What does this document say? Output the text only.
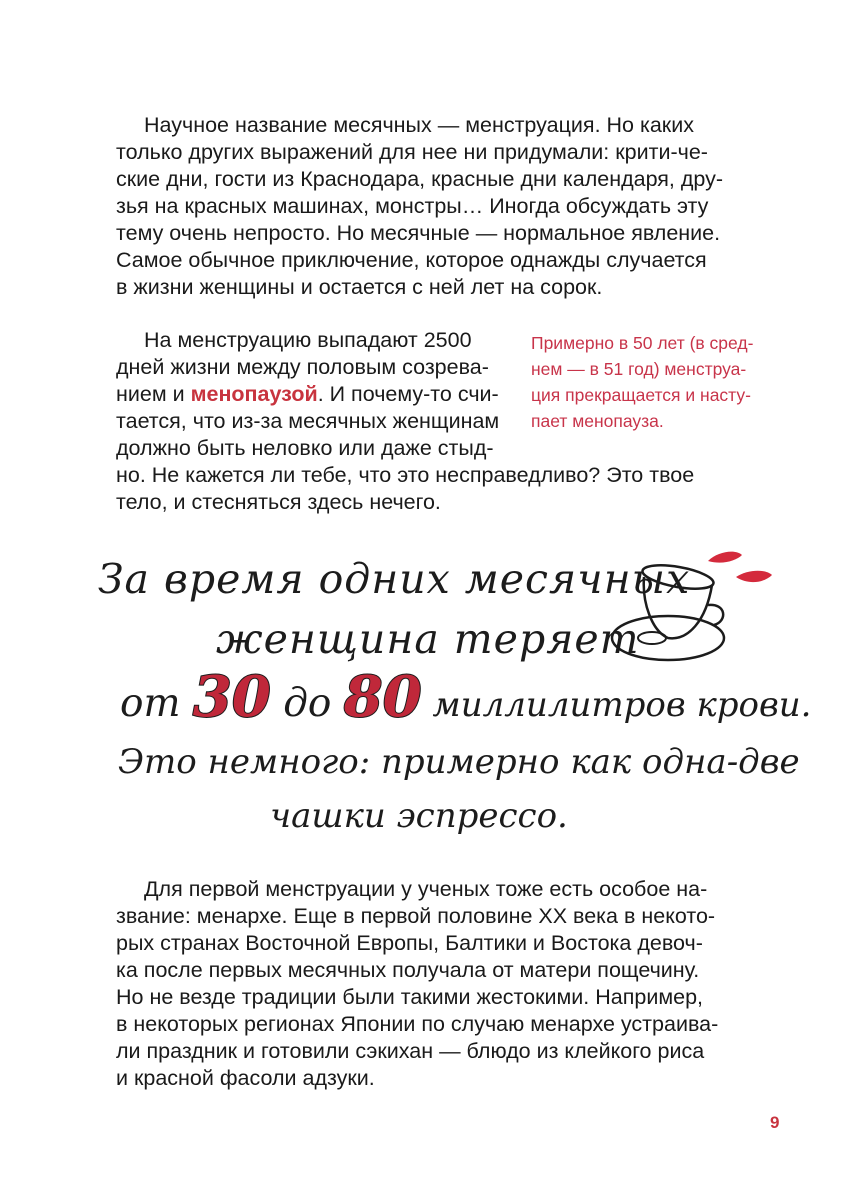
Научное название месячных — менструация. Но каких

только других выражений для нее ни придумали: крити-че-

ские дни, гости из Краснодара, красные дни календаря, дру-

зья на красных машинах, монстры… Иногда обсуждать эту

тему очень непросто. Но месячные — нормальное явление.

Самое обычное приключение, которое однажды случается

в жизни женщины и остается с ней лет на сорок.

На менструацию выпадают 2500

дней жизни между половым созрева-

нием и менопаузой. И почему-то счи-

тается, что из-за месячных женщинам

должно быть неловко или даже стыд-

но. Не кажется ли тебе, что это несправедливо? Это твое

тело, и стесняться здесь нечего.

Примерно в 50 лет (в сред-

нем — в 51 год) менструа-

ция прекращается и насту-

пает менопауза.

За время одних месячных

женщина теряет

от 30 до 80 миллилитров крови.

Это немного: примерно как одна-две

чашки эспрессо.

Для первой менструации у ученых тоже есть особое на-

звание: менархе. Еще в первой половине XX века в некото-

рых странах Восточной Европы, Балтики и Востока девоч-

ка после первых месячных получала от матери пощечину.

Но не везде традиции были такими жестокими. Например,

в некоторых регионах Японии по случаю менархе устраива-

ли праздник и готовили сэкихан — блюдо из клейкого риса

и красной фасоли адзуки.

9
